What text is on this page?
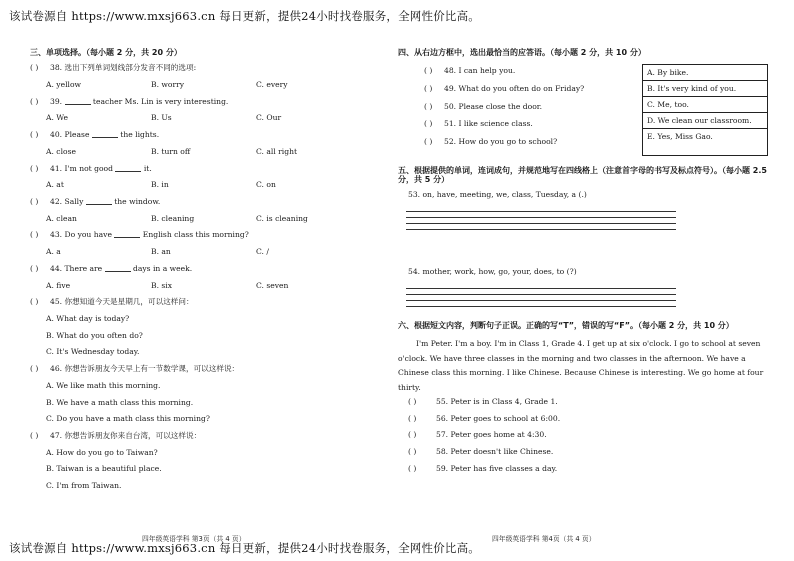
该试卷源自 https://www.mxsj663.cn 每日更新，提供24小时找卷服务，全网性价比高。
三、单项选择。（每小题 2 分，共 20 分）
( )	38. 选出下列单词划线部分发音不同的选项:
A. yellow	B. worry	C. every
( )	39.

	teacher Ms. Lin is very interesting.
A. We	B. Us	C. Our
( )	40. Please

	the lights.
A. close	B. turn off	C. all right
( )	41. I'm not good

	it.
A. at	B. in	C. on
( )	42. Sally

	the window.
A. clean	B. cleaning	C. is cleaning
( )	43. Do you have

	English class this morning?
A. a	B. an	C. /
( )	44. There are

	days in a week.
A. five	B. six	C. seven
( )	45. 你想知道今天是星期几，可以这样问：
A. What day is today?
B. What do you often do?
C. It's Wednesday today.
( )	46. 你想告诉朋友今天早上有一节数学课，可以这样说：
A. We like math this morning.
B. We have a math class this morning.
C. Do you have a math class this morning?
( )	47. 你想告诉朋友你来自台湾，可以这样说：
A. How do you go to Taiwan?
B. Taiwan is a beautiful place.
C. I'm from Taiwan.
四、从右边方框中，选出最恰当的应答语。（每小题 2 分，共 10 分）
( )	48. I can help you.
( )	49. What do you often do on Friday?
( )	50. Please close the door.
( )	51. I like science class.
( )	52. How do you go to school?
A. By bike.
B. It's very kind of you.
C. Me, too.
D. We clean our classroom.
E. Yes, Miss Gao.
五、根据提供的单词，连词成句，并规范地写在四线格上（注意首字母的书写及标点符号）。（每小题 2.5 分，共 5 分）
53. on, have, meeting, we, class, Tuesday, a (.)
54. mother, work, how, go, your, does, to (?)
六、根据短文内容，判断句子正误。正确的写“T”，错误的写“F”。（每小题 2 分，共 10 分）
I'm Peter. I'm a boy. I'm in Class 1, Grade 4. I get up at six o'clock. I go to school at seven o'clock. We have three classes in the morning and two classes in the afternoon. We have a Chinese class this morning. I like Chinese. Because Chinese is interesting. We go home at four thirty.
( )	55. Peter is in Class 4, Grade 1.
( )	56. Peter goes to school at 6:00.
( )	57. Peter goes home at 4:30.
( )	58. Peter doesn't like Chinese.
( )	59. Peter has five classes a day.
四年级英语学科 第3页（共 4 页）	四年级英语学科 第4页（共 4 页）
该试卷源自 https://www.mxsj663.cn 每日更新，提供24小时找卷服务，全网性价比高。
